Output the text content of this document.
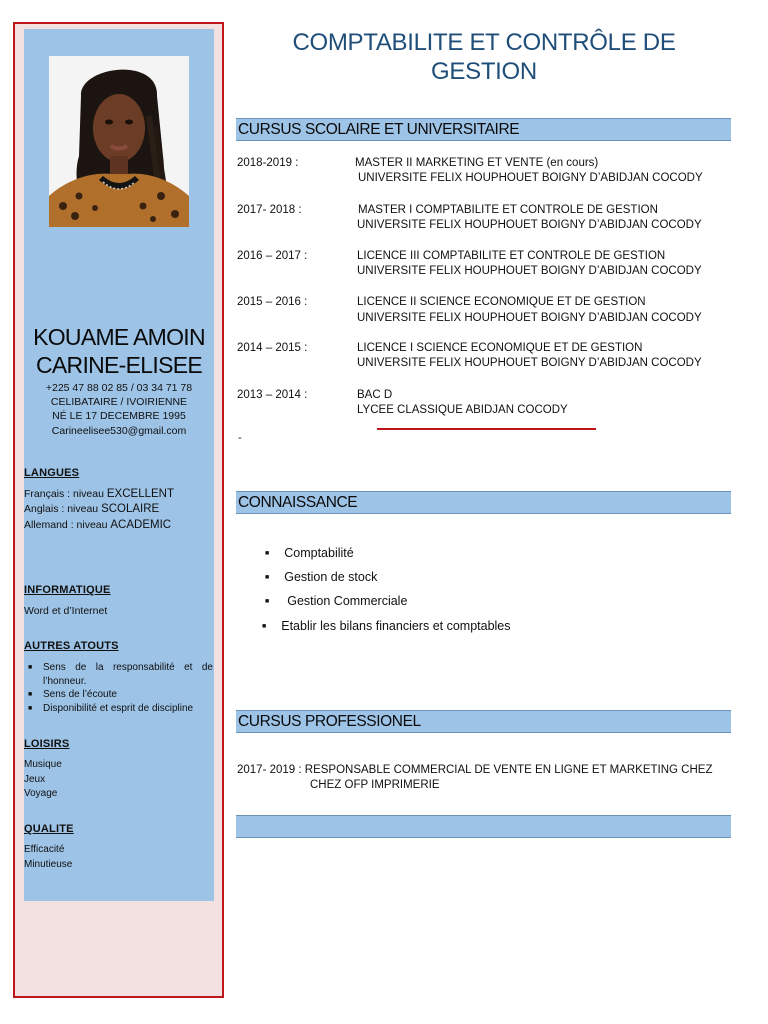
KOUAME AMOIN
CARINE-ELISEE
+225 47 88 02 85 / 03 34 71 78
CELIBATAIRE / IVOIRIENNE
NÉ LE 17 DECEMBRE 1995
Carineelisee530@gmail.com
LANGUES
Français : niveau EXCELLENT
Anglais : niveau SCOLAIRE
Allemand : niveau ACADEMIC
INFORMATIQUE
Word et d’Internet
AUTRES ATOUTS
■	Sens de la responsabilité et de l’honneur.
■	Sens de l’écoute
■	Disponibilité et esprit de discipline
LOISIRS
Musique
Jeux
Voyage
QUALITE
Efficacité
Minutieuse
COMPTABILITE ET CONTRÔLE DE
GESTION
CURSUS SCOLAIRE ET UNIVERSITAIRE
2018-2019 :	MASTER II MARKETING ET VENTE (en cours)
UNIVERSITE FELIX HOUPHOUET BOIGNY D’ABIDJAN COCODY
2017- 2018 :	MASTER I COMPTABILITE ET CONTROLE DE GESTION
UNIVERSITE FELIX HOUPHOUET BOIGNY D’ABIDJAN COCODY
2016 – 2017 :	LICENCE III COMPTABILITE ET CONTROLE DE GESTION
UNIVERSITE FELIX HOUPHOUET BOIGNY D’ABIDJAN COCODY
2015 – 2016 :	LICENCE II SCIENCE ECONOMIQUE ET DE GESTION
UNIVERSITE FELIX HOUPHOUET BOIGNY D’ABIDJAN COCODY
2014 – 2015 :	LICENCE I SCIENCE ECONOMIQUE ET DE GESTION
UNIVERSITE FELIX HOUPHOUET BOIGNY D’ABIDJAN COCODY
2013 – 2014 :	BAC D
LYCEE CLASSIQUE ABIDJAN COCODY
-
CONNAISSANCE
■ Comptabilité
■ Gestion de stock
■ Gestion Commerciale
■ Etablir les bilans financiers et comptables
CURSUS PROFESSIONEL
2017- 2019 : RESPONSABLE COMMERCIAL DE VENTE EN LIGNE ET MARKETING CHEZ
CHEZ OFP IMPRIMERIE
